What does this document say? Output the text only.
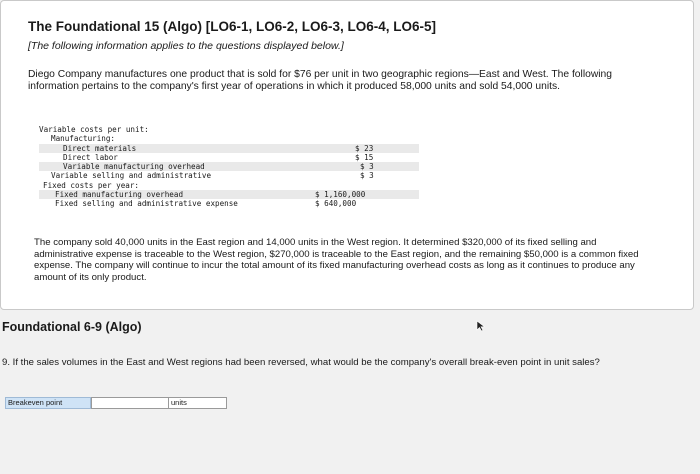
The Foundational 15 (Algo) [LO6-1, LO6-2, LO6-3, LO6-4, LO6-5]
[The following information applies to the questions displayed below.]
Diego Company manufactures one product that is sold for $76 per unit in two geographic regions—East and West. The following information pertains to the company's first year of operations in which it produced 58,000 units and sold 54,000 units.
Variable costs per unit:
Manufacturing:
Direct materials	$ 23
Direct labor	$ 15
Variable manufacturing overhead	$ 3
Variable selling and administrative	$ 3
Fixed costs per year:
Fixed manufacturing overhead	$ 1,160,000
Fixed selling and administrative expense	$ 640,000
The company sold 40,000 units in the East region and 14,000 units in the West region. It determined $320,000 of its fixed selling and administrative expense is traceable to the West region, $270,000 is traceable to the East region, and the remaining $50,000 is a common fixed expense. The company will continue to incur the total amount of its fixed manufacturing overhead costs as long as it continues to produce any amount of its only product.
Foundational 6-9 (Algo)
9. If the sales volumes in the East and West regions had been reversed, what would be the company's overall break-even point in unit sales?
Breakeven point	units
